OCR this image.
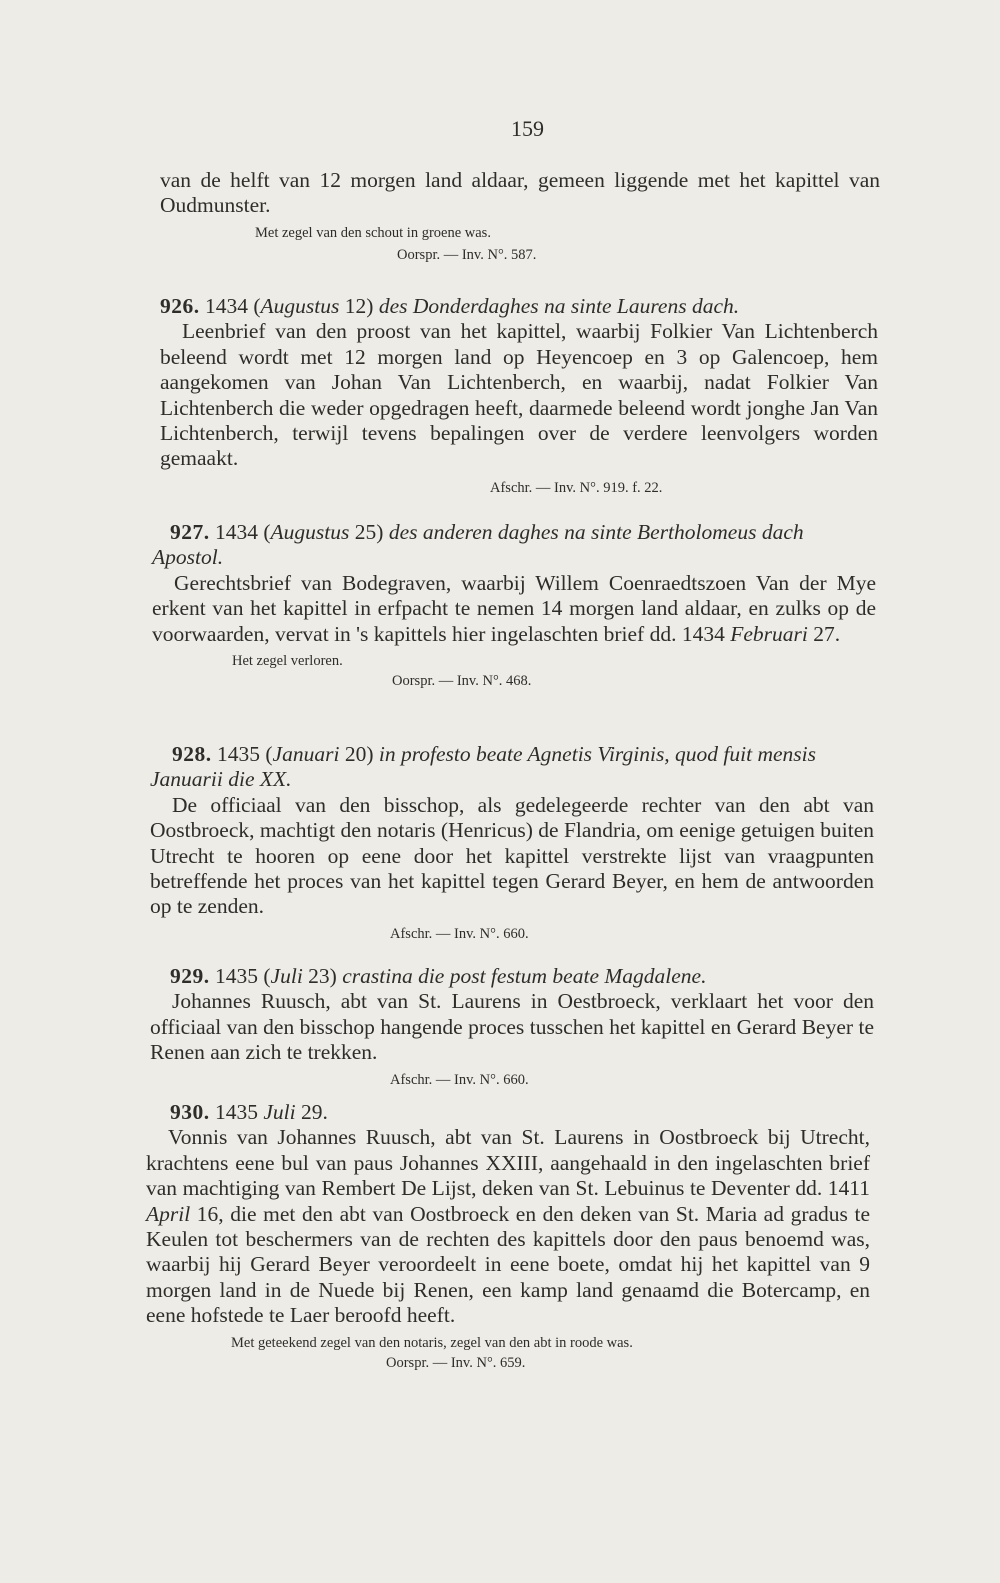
159

van de helft van 12 morgen land aldaar, gemeen liggende met het kapittel van Oudmunster.

Met zegel van den schout in groene was.

Oorspr. — Inv. N°. 587.

926. 1434 (Augustus 12) des Donderdaghes na sinte Laurens dach.

Leenbrief van den proost van het kapittel, waarbij Folkier Van Lichtenberch beleend wordt met 12 morgen land op Heyencoep en 3 op Galencoep, hem aangekomen van Johan Van Lichtenberch, en waarbij, nadat Folkier Van Lichtenberch die weder opgedragen heeft, daarmede beleend wordt jonghe Jan Van Lichtenberch, terwijl tevens bepalingen over de verdere leenvolgers worden gemaakt.

Afschr. — Inv. N°. 919. f. 22.

927. 1434 (Augustus 25) des anderen daghes na sinte Bertholomeus dach Apostol.

Gerechtsbrief van Bodegraven, waarbij Willem Coenraedtszoen Van der Mye erkent van het kapittel in erfpacht te nemen 14 morgen land aldaar, en zulks op de voorwaarden, vervat in 's kapittels hier ingelaschten brief dd. 1434 Februari 27.

Het zegel verloren.

Oorspr. — Inv. N°. 468.

928. 1435 (Januari 20) in profesto beate Agnetis Virginis, quod fuit mensis Januarii die XX.

De officiaal van den bisschop, als gedelegeerde rechter van den abt van Oostbroeck, machtigt den notaris (Henricus) de Flandria, om eenige getuigen buiten Utrecht te hooren op eene door het kapittel verstrekte lijst van vraagpunten betreffende het proces van het kapittel tegen Gerard Beyer, en hem de antwoorden op te zenden.

Afschr. — Inv. N°. 660.

929. 1435 (Juli 23) crastina die post festum beate Magdalene.

Johannes Ruusch, abt van St. Laurens in Oestbroeck, verklaart het voor den officiaal van den bisschop hangende proces tusschen het kapittel en Gerard Beyer te Renen aan zich te trekken.

Afschr. — Inv. N°. 660.

930. 1435 Juli 29.

Vonnis van Johannes Ruusch, abt van St. Laurens in Oostbroeck bij Utrecht, krachtens eene bul van paus Johannes XXIII, aangehaald in den ingelaschten brief van machtiging van Rembert De Lijst, deken van St. Lebuinus te Deventer dd. 1411 April 16, die met den abt van Oostbroeck en den deken van St. Maria ad gradus te Keulen tot beschermers van de rechten des kapittels door den paus benoemd was, waarbij hij Gerard Beyer veroordeelt in eene boete, omdat hij het kapittel van 9 morgen land in de Nuede bij Renen, een kamp land genaamd die Botercamp, en eene hofstede te Laer beroofd heeft.

Met geteekend zegel van den notaris, zegel van den abt in roode was.

Oorspr. — Inv. N°. 659.
